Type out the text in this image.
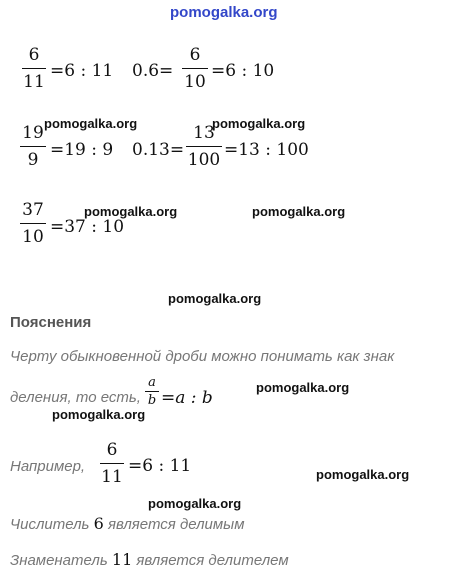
pomogalka.org
6
11
=6 : 11 0.6=
6
10
=6 : 10
19
9 =19 : 9 0.13=
13
100 =13 : 100
37
10 =37 : 10
pomogalka.org	pomogalka.org
pomogalka.org	pomogalka.org
pomogalka.org
pomogalka.org
pomogalka.org
pomogalka.org
pomogalka.org
Пояснения
Черту обыкновенной дроби можно понимать как знак
деления, то есть,
a
b =a : b
Например,
6
11
=6 : 11
Числитель 6 является делимым
Знаменатель 11 является делителем
